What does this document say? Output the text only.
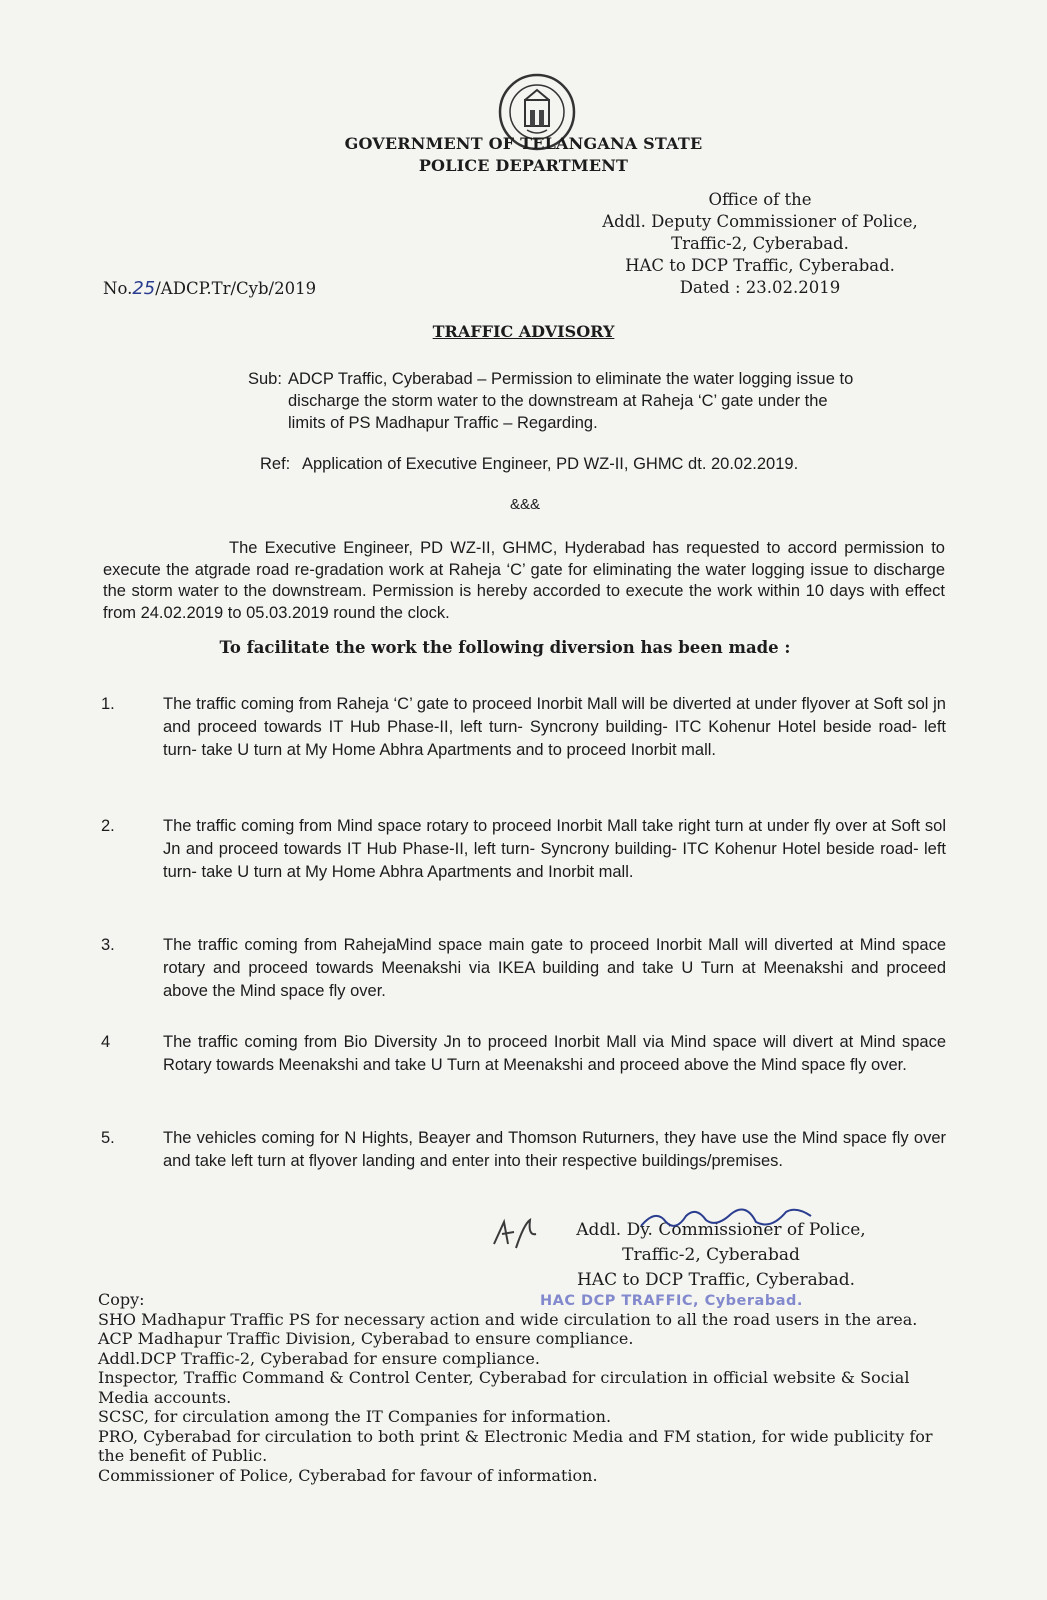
GOVERNMENT OF TELANGANA STATE
POLICE DEPARTMENT
Office of the
Addl. Deputy Commissioner of Police,
Traffic-2, Cyberabad.
HAC to DCP Traffic, Cyberabad.
Dated : 23.02.2019
No.25/ADCP.Tr/Cyb/2019
TRAFFIC ADVISORY
Sub: ADCP Traffic, Cyberabad – Permission to eliminate the water logging issue to discharge the storm water to the downstream at Raheja ‘C’ gate under the limits of PS Madhapur Traffic – Regarding.
Ref: Application of Executive Engineer, PD WZ-II, GHMC dt. 20.02.2019.
&&&
The Executive Engineer, PD WZ-II, GHMC, Hyderabad has requested to accord permission to execute the atgrade road re-gradation work at Raheja ‘C’ gate for eliminating the water logging issue to discharge the storm water to the downstream. Permission is hereby accorded to execute the work within 10 days with effect from 24.02.2019 to 05.03.2019 round the clock.
To facilitate the work the following diversion has been made :
1.	The traffic coming from Raheja ‘C’ gate to proceed Inorbit Mall will be diverted at under flyover at Soft sol jn and proceed towards IT Hub Phase-II, left turn- Syncrony building- ITC Kohenur Hotel beside road- left turn- take U turn at My Home Abhra Apartments and to proceed Inorbit mall.
2.	The traffic coming from Mind space rotary to proceed Inorbit Mall take right turn at under fly over at Soft sol Jn and proceed towards IT Hub Phase-II, left turn- Syncrony building- ITC Kohenur Hotel beside road- left turn- take U turn at My Home Abhra Apartments and Inorbit mall.
3.	The traffic coming from RahejaMind space main gate to proceed Inorbit Mall will diverted at Mind space rotary and proceed towards Meenakshi via IKEA building and take U Turn at Meenakshi and proceed above the Mind space fly over.
4	The traffic coming from Bio Diversity Jn to proceed Inorbit Mall via Mind space will divert at Mind space Rotary towards Meenakshi and take U Turn at Meenakshi and proceed above the Mind space fly over.
5.	The vehicles coming for N Hights, Beayer and Thomson Ruturners, they have use the Mind space fly over and take left turn at flyover landing and enter into their respective buildings/premises.
Addl. Dy. Commissioner of Police,
Traffic-2, Cyberabad
HAC to DCP Traffic, Cyberabad.
HAC DCP TRAFFIC, Cyberabad.

Copy:

SHO Madhapur Traffic PS for necessary action and wide circulation to all the road users in the area.

ACP Madhapur Traffic Division, Cyberabad to ensure compliance.

Addl.DCP Traffic-2, Cyberabad for ensure compliance.

Inspector, Traffic Command & Control Center, Cyberabad for circulation in official website & Social Media accounts.

SCSC, for circulation among the IT Companies for information.

PRO, Cyberabad for circulation to both print & Electronic Media and FM station, for wide publicity for the benefit of Public.

Commissioner of Police, Cyberabad for favour of information.
